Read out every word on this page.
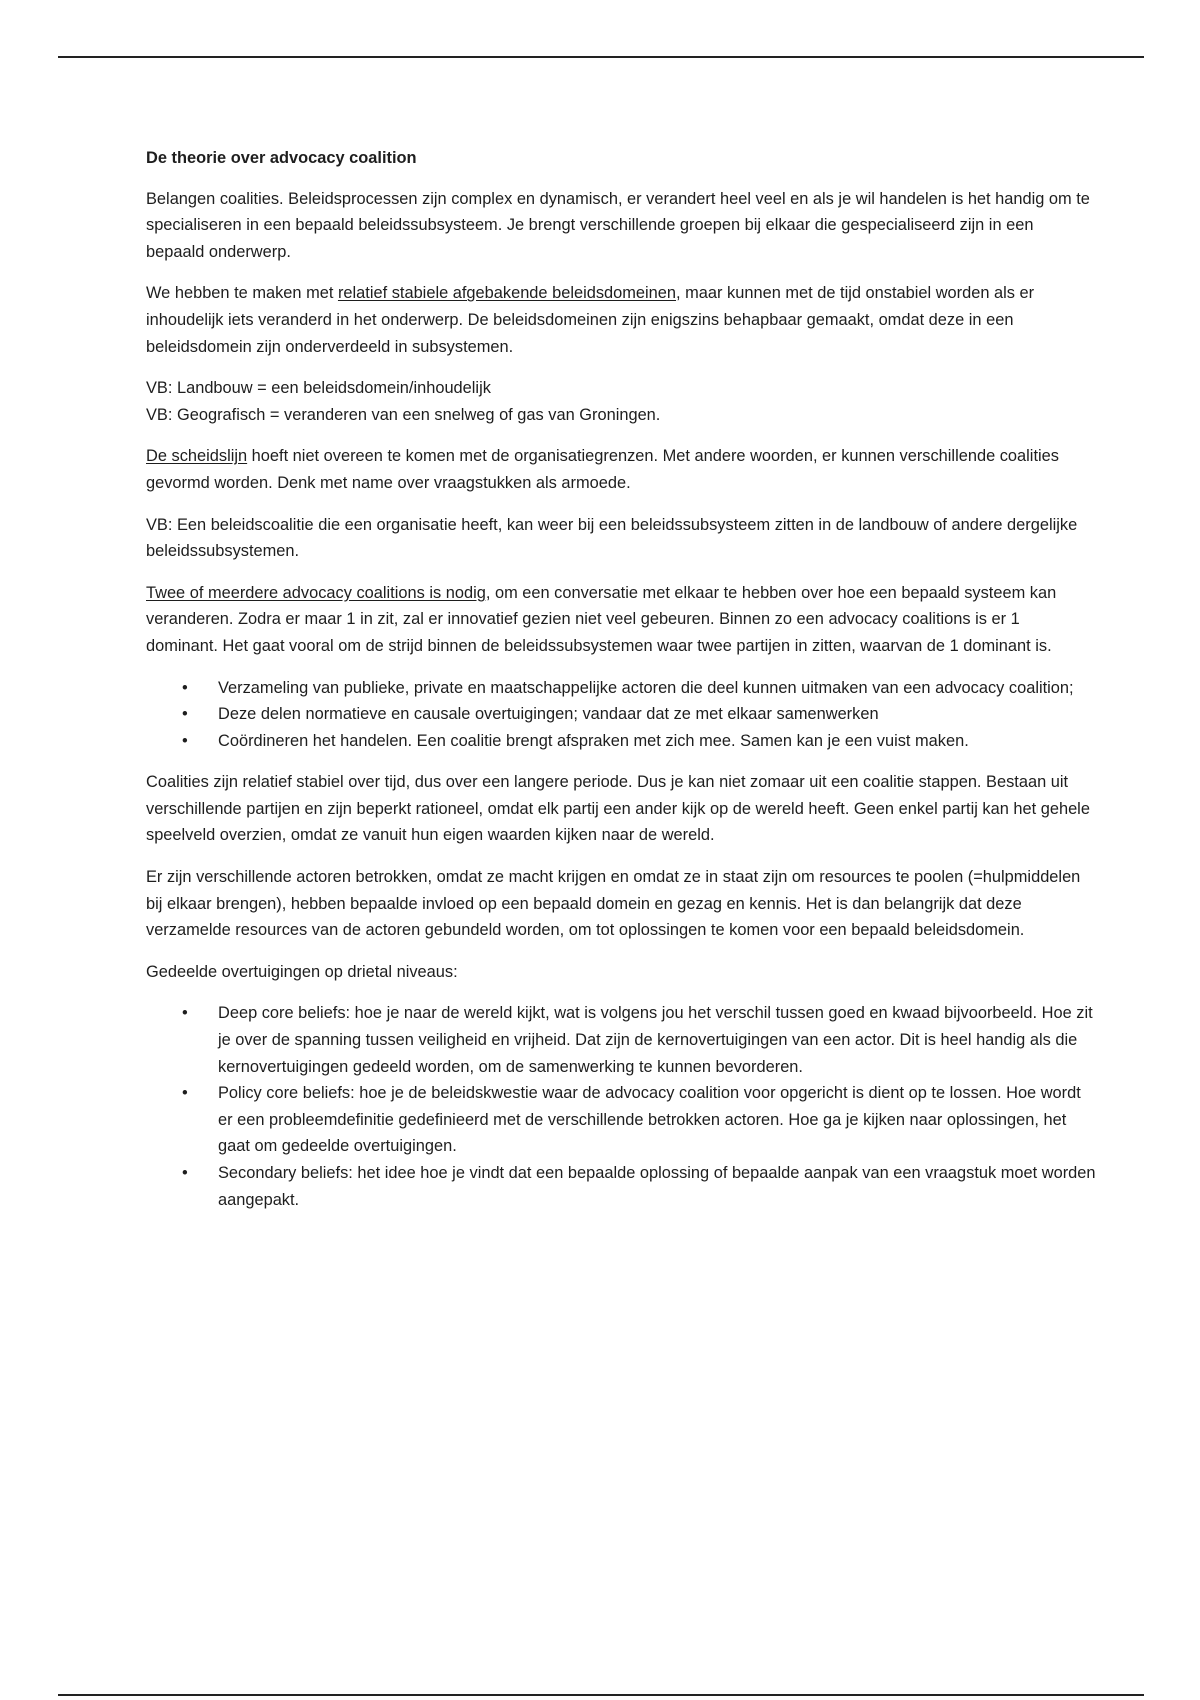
De theorie over advocacy coalition

Belangen coalities. Beleidsprocessen zijn complex en dynamisch, er verandert heel veel en als je wil handelen is het handig om te specialiseren in een bepaald beleidssubsysteem. Je brengt verschillende groepen bij elkaar die gespecialiseerd zijn in een bepaald onderwerp.

We hebben te maken met relatief stabiele afgebakende beleidsdomeinen, maar kunnen met de tijd onstabiel worden als er inhoudelijk iets veranderd in het onderwerp. De beleidsdomeinen zijn enigszins behapbaar gemaakt, omdat deze in een beleidsdomein zijn onderverdeeld in subsystemen.

VB: Landbouw = een beleidsdomein/inhoudelijk
VB: Geografisch = veranderen van een snelweg of gas van Groningen.

De scheidslijn hoeft niet overeen te komen met de organisatiegrenzen. Met andere woorden, er kunnen verschillende coalities gevormd worden. Denk met name over vraagstukken als armoede.

VB: Een beleidscoalitie die een organisatie heeft, kan weer bij een beleidssubsysteem zitten in de landbouw of andere dergelijke beleidssubsystemen.

Twee of meerdere advocacy coalitions is nodig, om een conversatie met elkaar te hebben over hoe een bepaald systeem kan veranderen. Zodra er maar 1 in zit, zal er innovatief gezien niet veel gebeuren. Binnen zo een advocacy coalitions is er 1 dominant. Het gaat vooral om de strijd binnen de beleidssubsystemen waar twee partijen in zitten, waarvan de 1 dominant is.

• Verzameling van publieke, private en maatschappelijke actoren die deel kunnen uitmaken van een advocacy coalition;
• Deze delen normatieve en causale overtuigingen; vandaar dat ze met elkaar samenwerken
• Coördineren het handelen. Een coalitie brengt afspraken met zich mee. Samen kan je een vuist maken.

Coalities zijn relatief stabiel over tijd, dus over een langere periode. Dus je kan niet zomaar uit een coalitie stappen. Bestaan uit verschillende partijen en zijn beperkt rationeel, omdat elk partij een ander kijk op de wereld heeft. Geen enkel partij kan het gehele speelveld overzien, omdat ze vanuit hun eigen waarden kijken naar de wereld.

Er zijn verschillende actoren betrokken, omdat ze macht krijgen en omdat ze in staat zijn om resources te poolen (=hulpmiddelen bij elkaar brengen), hebben bepaalde invloed op een bepaald domein en gezag en kennis. Het is dan belangrijk dat deze verzamelde resources van de actoren gebundeld worden, om tot oplossingen te komen voor een bepaald beleidsdomein.

Gedeelde overtuigingen op drietal niveaus:

• Deep core beliefs: hoe je naar de wereld kijkt, wat is volgens jou het verschil tussen goed en kwaad bijvoorbeeld. Hoe zit je over de spanning tussen veiligheid en vrijheid. Dat zijn de kernovertuigingen van een actor. Dit is heel handig als die kernovertuigingen gedeeld worden, om de samenwerking te kunnen bevorderen.
• Policy core beliefs: hoe je de beleidskwestie waar de advocacy coalition voor opgericht is dient op te lossen. Hoe wordt er een probleemdefinitie gedefinieerd met de verschillende betrokken actoren. Hoe ga je kijken naar oplossingen, het gaat om gedeelde overtuigingen.
• Secondary beliefs: het idee hoe je vindt dat een bepaalde oplossing of bepaalde aanpak van een vraagstuk moet worden aangepakt.
